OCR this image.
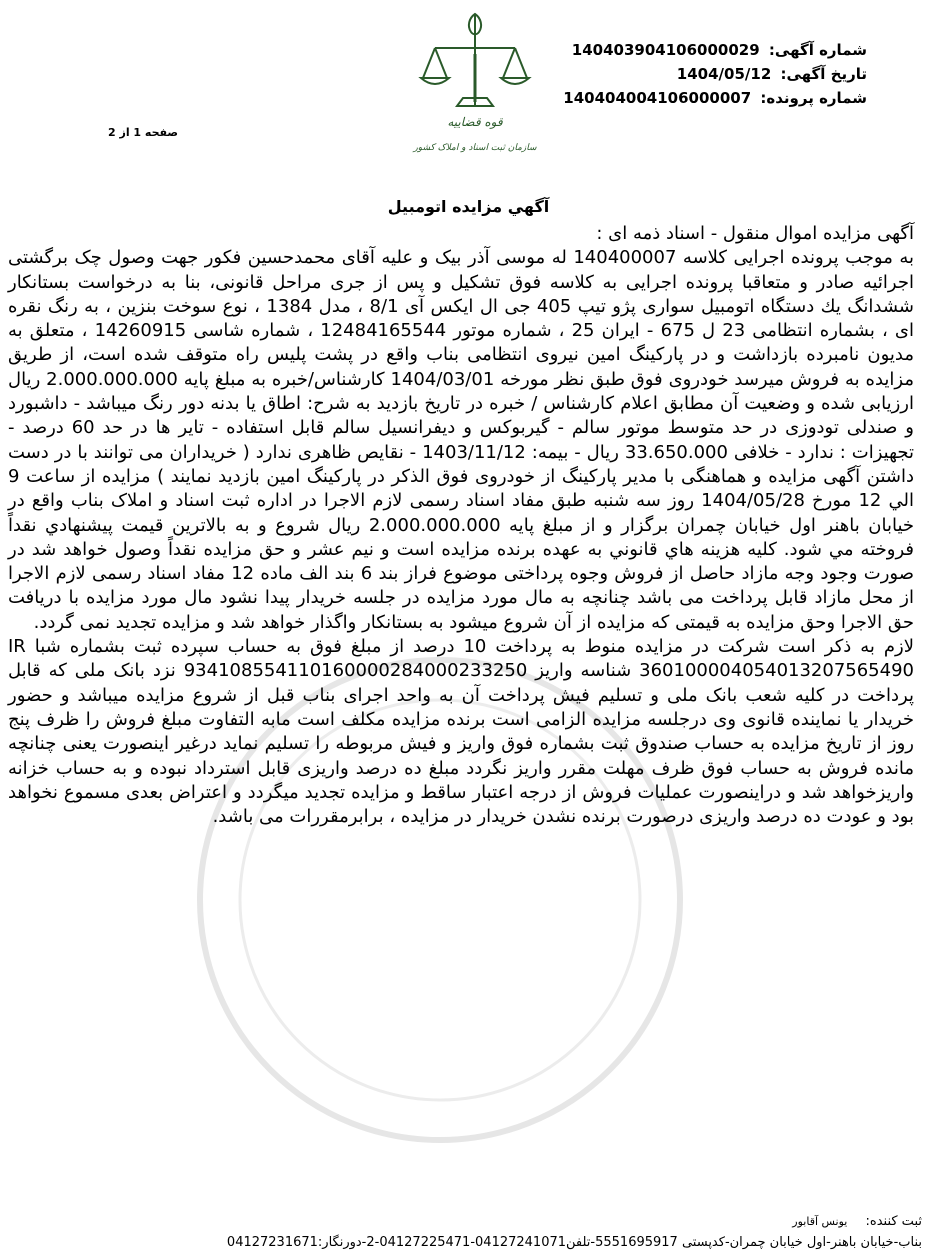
شماره آگهی: 140403904106000029
تاریخ آگهی: 1404/05/12
شماره پرونده: 140404004106000007
صفحه 1 از 2
قوه قضاییه
سازمان ثبت اسناد و املاک کشور
آگهي مزايده اتومبيل

آگهی مزایده اموال منقول - اسناد ذمه ای :

به موجب پرونده اجرایی کلاسه 140400007 له موسی آذر بیک و علیه آقای محمدحسین فکور جهت وصول چک برگشتی اجرائیه صادر و متعاقبا پرونده اجرایی به کلاسه فوق تشکیل و پس از جری مراحل قانونی، بنا به درخواست بستانکار ششدانگ یك دستگاه اتومبیل سواری پژو تیپ 405 جی ال ایکس آی 8/1 ، مدل 1384 ، نوع سوخت بنزین ، به رنگ نقره ای ، بشماره انتظامی 23 ل 675 - ایران 25 ، شماره موتور 12484165544 ، شماره شاسی 14260915 ، متعلق به مدیون نامبرده بازداشت و در پارکینگ امین نیروی انتظامی بناب واقع در پشت پلیس راه متوقف شده است، از طریق مزایده به فروش میرسد خودروی فوق طبق نظر مورخه 1404/03/01 کارشناس/خبره به مبلغ پایه 2.000.000.000 ریال ارزیابی شده و وضعیت آن مطابق اعلام کارشناس / خبره در تاریخ بازدید به شرح: اطاق یا بدنه دور رنگ میباشد - داشبورد و صندلی تودوزی در حد متوسط موتور سالم - گیربوکس و دیفرانسیل سالم قابل استفاده - تایر ها در حد 60 درصد - تجهیزات : ندارد - خلافی 33.650.000 ریال - بیمه: 1403/11/12 - نقایص ظاهری ندارد ( خریداران می توانند با در دست داشتن آگهی مزایده و هماهنگی با مدیر پارکینگ از خودروی فوق الذکر در پارکینگ امین بازدید نمایند ) مزایده از ساعت 9 الي 12 مورخ 1404/05/28 روز سه شنبه طبق مفاد اسناد رسمی لازم الاجرا در اداره ثبت اسناد و املاک بناب واقع در خیابان باهنر اول خیابان چمران برگزار و از مبلغ پایه 2.000.000.000 ريال شروع و به بالاترين قيمت پيشنهادي نقداً فروخته مي شود. كليه هزينه هاي قانوني به عهده برنده مزايده است و نيم عشر و حق مزايده نقداً وصول خواهد شد در صورت وجود وجه مازاد حاصل از فروش وجوه پرداختی موضوع فراز بند 6 بند الف ماده 12 مفاد اسناد رسمی لازم الاجرا از محل مازاد قابل پرداخت می باشد چنانچه به مال مورد مزایده در جلسه خریدار پیدا نشود مال مورد مزایده با دریافت حق الاجرا وحق مزایده به قیمتی که مزایده از آن شروع میشود به بستانکار واگذار خواهد شد و مزایده تجدید نمی گردد.

لازم به ذکر است شرکت در مزایده منوط به پرداخت 10 درصد از مبلغ فوق به حساب سپرده ثبت بشماره شبا IR 360100004054013207565490 شناسه واریز 934108554110160000284000233250 نزد بانک ملی که قابل پرداخت در کلیه شعب بانک ملی و تسلیم فیش پرداخت آن به واحد اجرای بناب قبل از شروع مزایده میباشد و حضور خریدار یا نماینده قانوی وی درجلسه مزایده الزامی است برنده مزایده مکلف است مابه التفاوت مبلغ فروش را ظرف پنج روز از تاریخ مزایده به حساب صندوق ثبت بشماره فوق واریز و فیش مربوطه را تسلیم نماید درغیر اینصورت یعنی چنانچه مانده فروش به حساب فوق ظرف مهلت مقرر واریز نگردد مبلغ ده درصد واریزی قابل استرداد نبوده و به حساب خزانه واریزخواهد شد و دراینصورت عملیات فروش از درجه اعتبار ساقط و مزایده تجدید میگردد و اعتراض بعدی مسموع نخواهد بود و عودت ده درصد واریزی درصورت برنده نشدن خریدار در مزایده ، برابرمقررات می باشد.

ثبت کننده: یونس آقابور
بناب-خیابان باهنر-اول خیابان چمران-کدپستی 5551695917-تلفن04127241071-04127225471-2-دورنگار:04127231671
